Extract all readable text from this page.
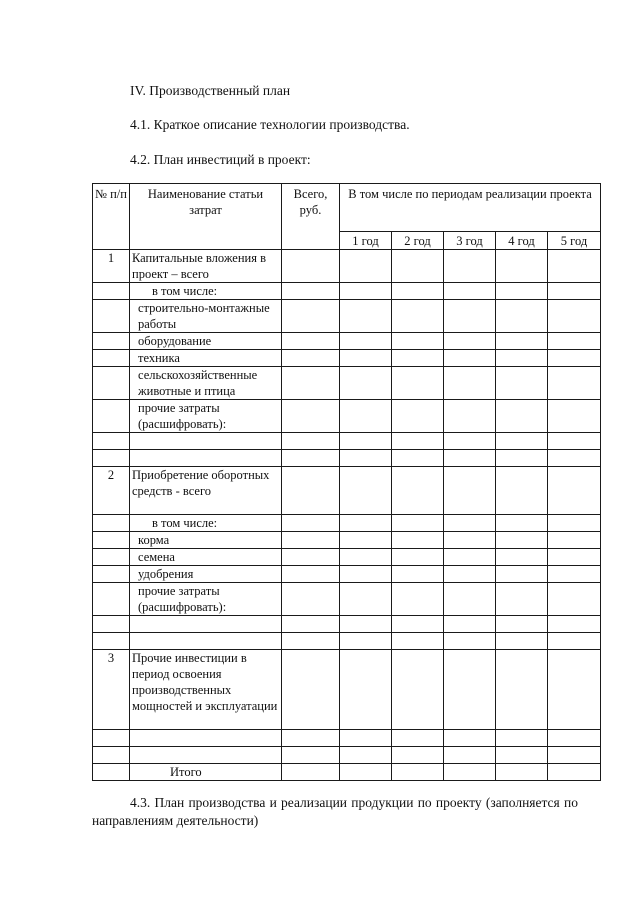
IV. Производственный план
4.1. Краткое описание технологии производства.
4.2. План инвестиций в проект:
№ п/п	Наименование статьи затрат	Всего, руб.	В том числе по периодам реализации проекта				
			1 год	2 год	3 год	4 год	5 год
1	Капитальные вложения в проект – всего						
	в том числе:						
	строительно-монтажные работы						
	оборудование						
	техника						
	сельскохозяйственные животные и птица						
	прочие затраты (расшифровать):						

2	Приобретение оборотных средств - всего						
	в том числе:						
	корма						
	семена						
	удобрения						
	прочие затраты (расшифровать):						

3	Прочие инвестиции в период освоения производственных мощностей и эксплуатации						

	Итого						
4.3. План производства и реализации продукции по проекту (заполняется по направлениям деятельности)
